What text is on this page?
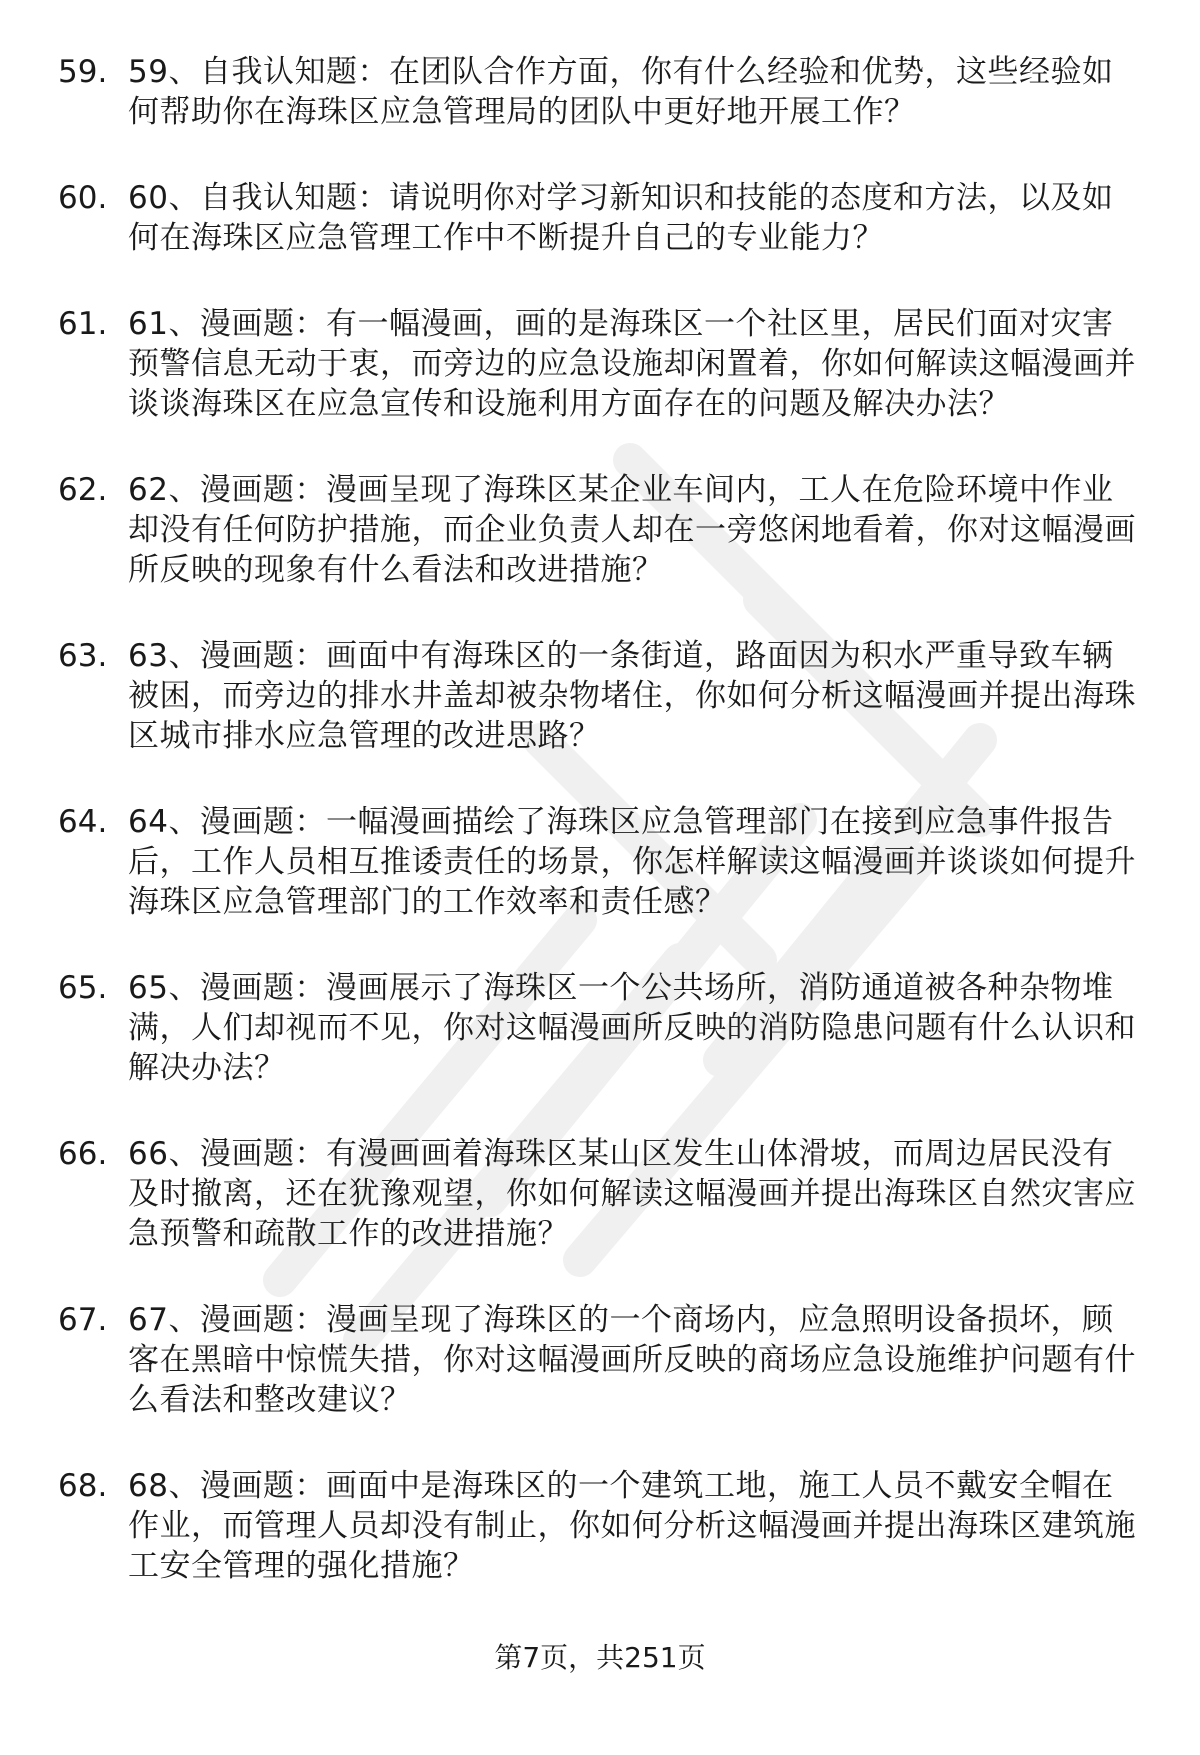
59. 59、自我认知题：在团队合作方面，你有什么经验和优势，这些经验如何帮助你在海珠区应急管理局的团队中更好地开展工作？
60. 60、自我认知题：请说明你对学习新知识和技能的态度和方法，以及如何在海珠区应急管理工作中不断提升自己的专业能力？
61. 61、漫画题：有一幅漫画，画的是海珠区一个社区里，居民们面对灾害预警信息无动于衷，而旁边的应急设施却闲置着，你如何解读这幅漫画并谈谈海珠区在应急宣传和设施利用方面存在的问题及解决办法？
62. 62、漫画题：漫画呈现了海珠区某企业车间内，工人在危险环境中作业却没有任何防护措施，而企业负责人却在一旁悠闲地看着，你对这幅漫画所反映的现象有什么看法和改进措施？
63. 63、漫画题：画面中有海珠区的一条街道，路面因为积水严重导致车辆被困，而旁边的排水井盖却被杂物堵住，你如何分析这幅漫画并提出海珠区城市排水应急管理的改进思路？
64. 64、漫画题：一幅漫画描绘了海珠区应急管理部门在接到应急事件报告后，工作人员相互推诿责任的场景，你怎样解读这幅漫画并谈谈如何提升海珠区应急管理部门的工作效率和责任感？
65. 65、漫画题：漫画展示了海珠区一个公共场所，消防通道被各种杂物堆满，人们却视而不见，你对这幅漫画所反映的消防隐患问题有什么认识和解决办法？
66. 66、漫画题：有漫画画着海珠区某山区发生山体滑坡，而周边居民没有及时撤离，还在犹豫观望，你如何解读这幅漫画并提出海珠区自然灾害应急预警和疏散工作的改进措施？
67. 67、漫画题：漫画呈现了海珠区的一个商场内，应急照明设备损坏，顾客在黑暗中惊慌失措，你对这幅漫画所反映的商场应急设施维护问题有什么看法和整改建议？
68. 68、漫画题：画面中是海珠区的一个建筑工地，施工人员不戴安全帽在作业，而管理人员却没有制止，你如何分析这幅漫画并提出海珠区建筑施工安全管理的强化措施？
第7页，共251页
